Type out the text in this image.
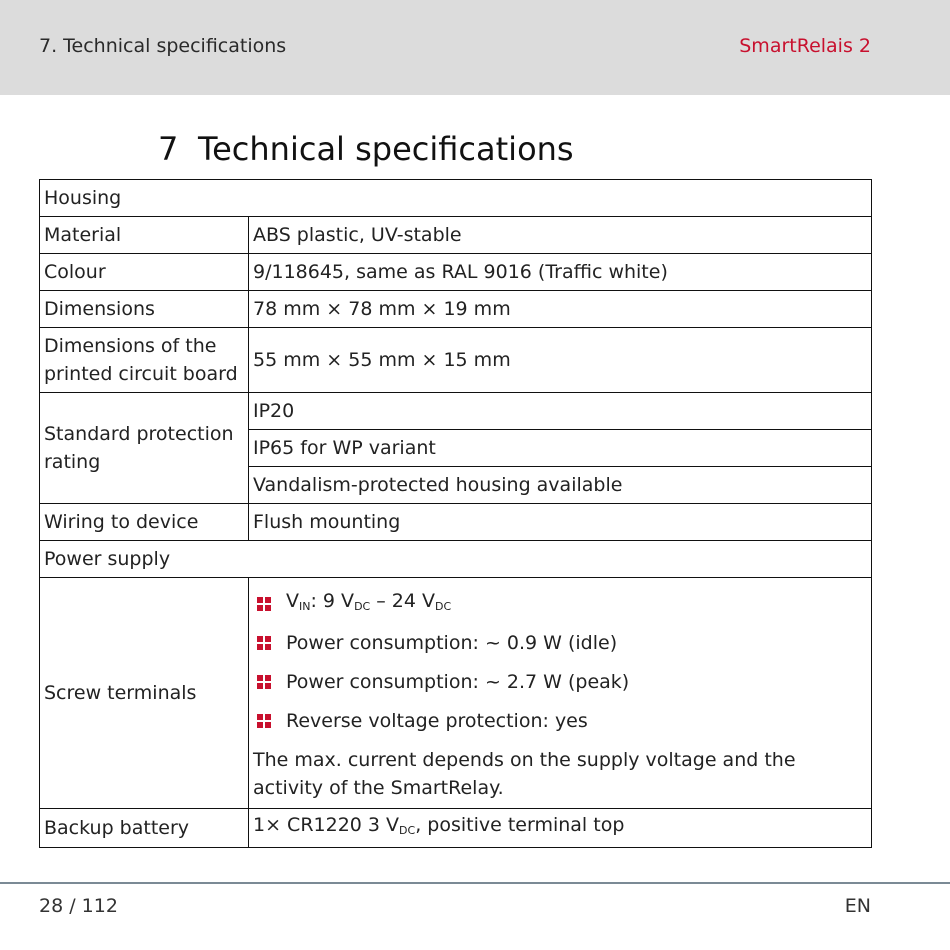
7. Technical specifications	SmartRelais 2
7 Technical specifications
Housing	
Material	ABS plastic, UV-stable
Colour	9/118645, same as RAL 9016 (Traffic white)
Dimensions	78 mm × 78 mm × 19 mm
Dimensions of the printed circuit board	55 mm × 55 mm × 15 mm
Standard protection rating	IP20
	IP65 for WP variant
	Vandalism-protected housing available
Wiring to device	Flush mounting
Power supply	
Screw terminals	$V_{IN}$: 9 $V_{DC} - 24$ $V_{DC}$
Power consumption: ~ 0.9 W (idle)
Power consumption: ~ 2.7 W (peak)
Reverse voltage protection: yes
The max. current depends on the supply voltage and the activity of the SmartRelay.

Backup battery	1× CR1220 3 $V_{DC}$, positive terminal top
28 / 112	EN
